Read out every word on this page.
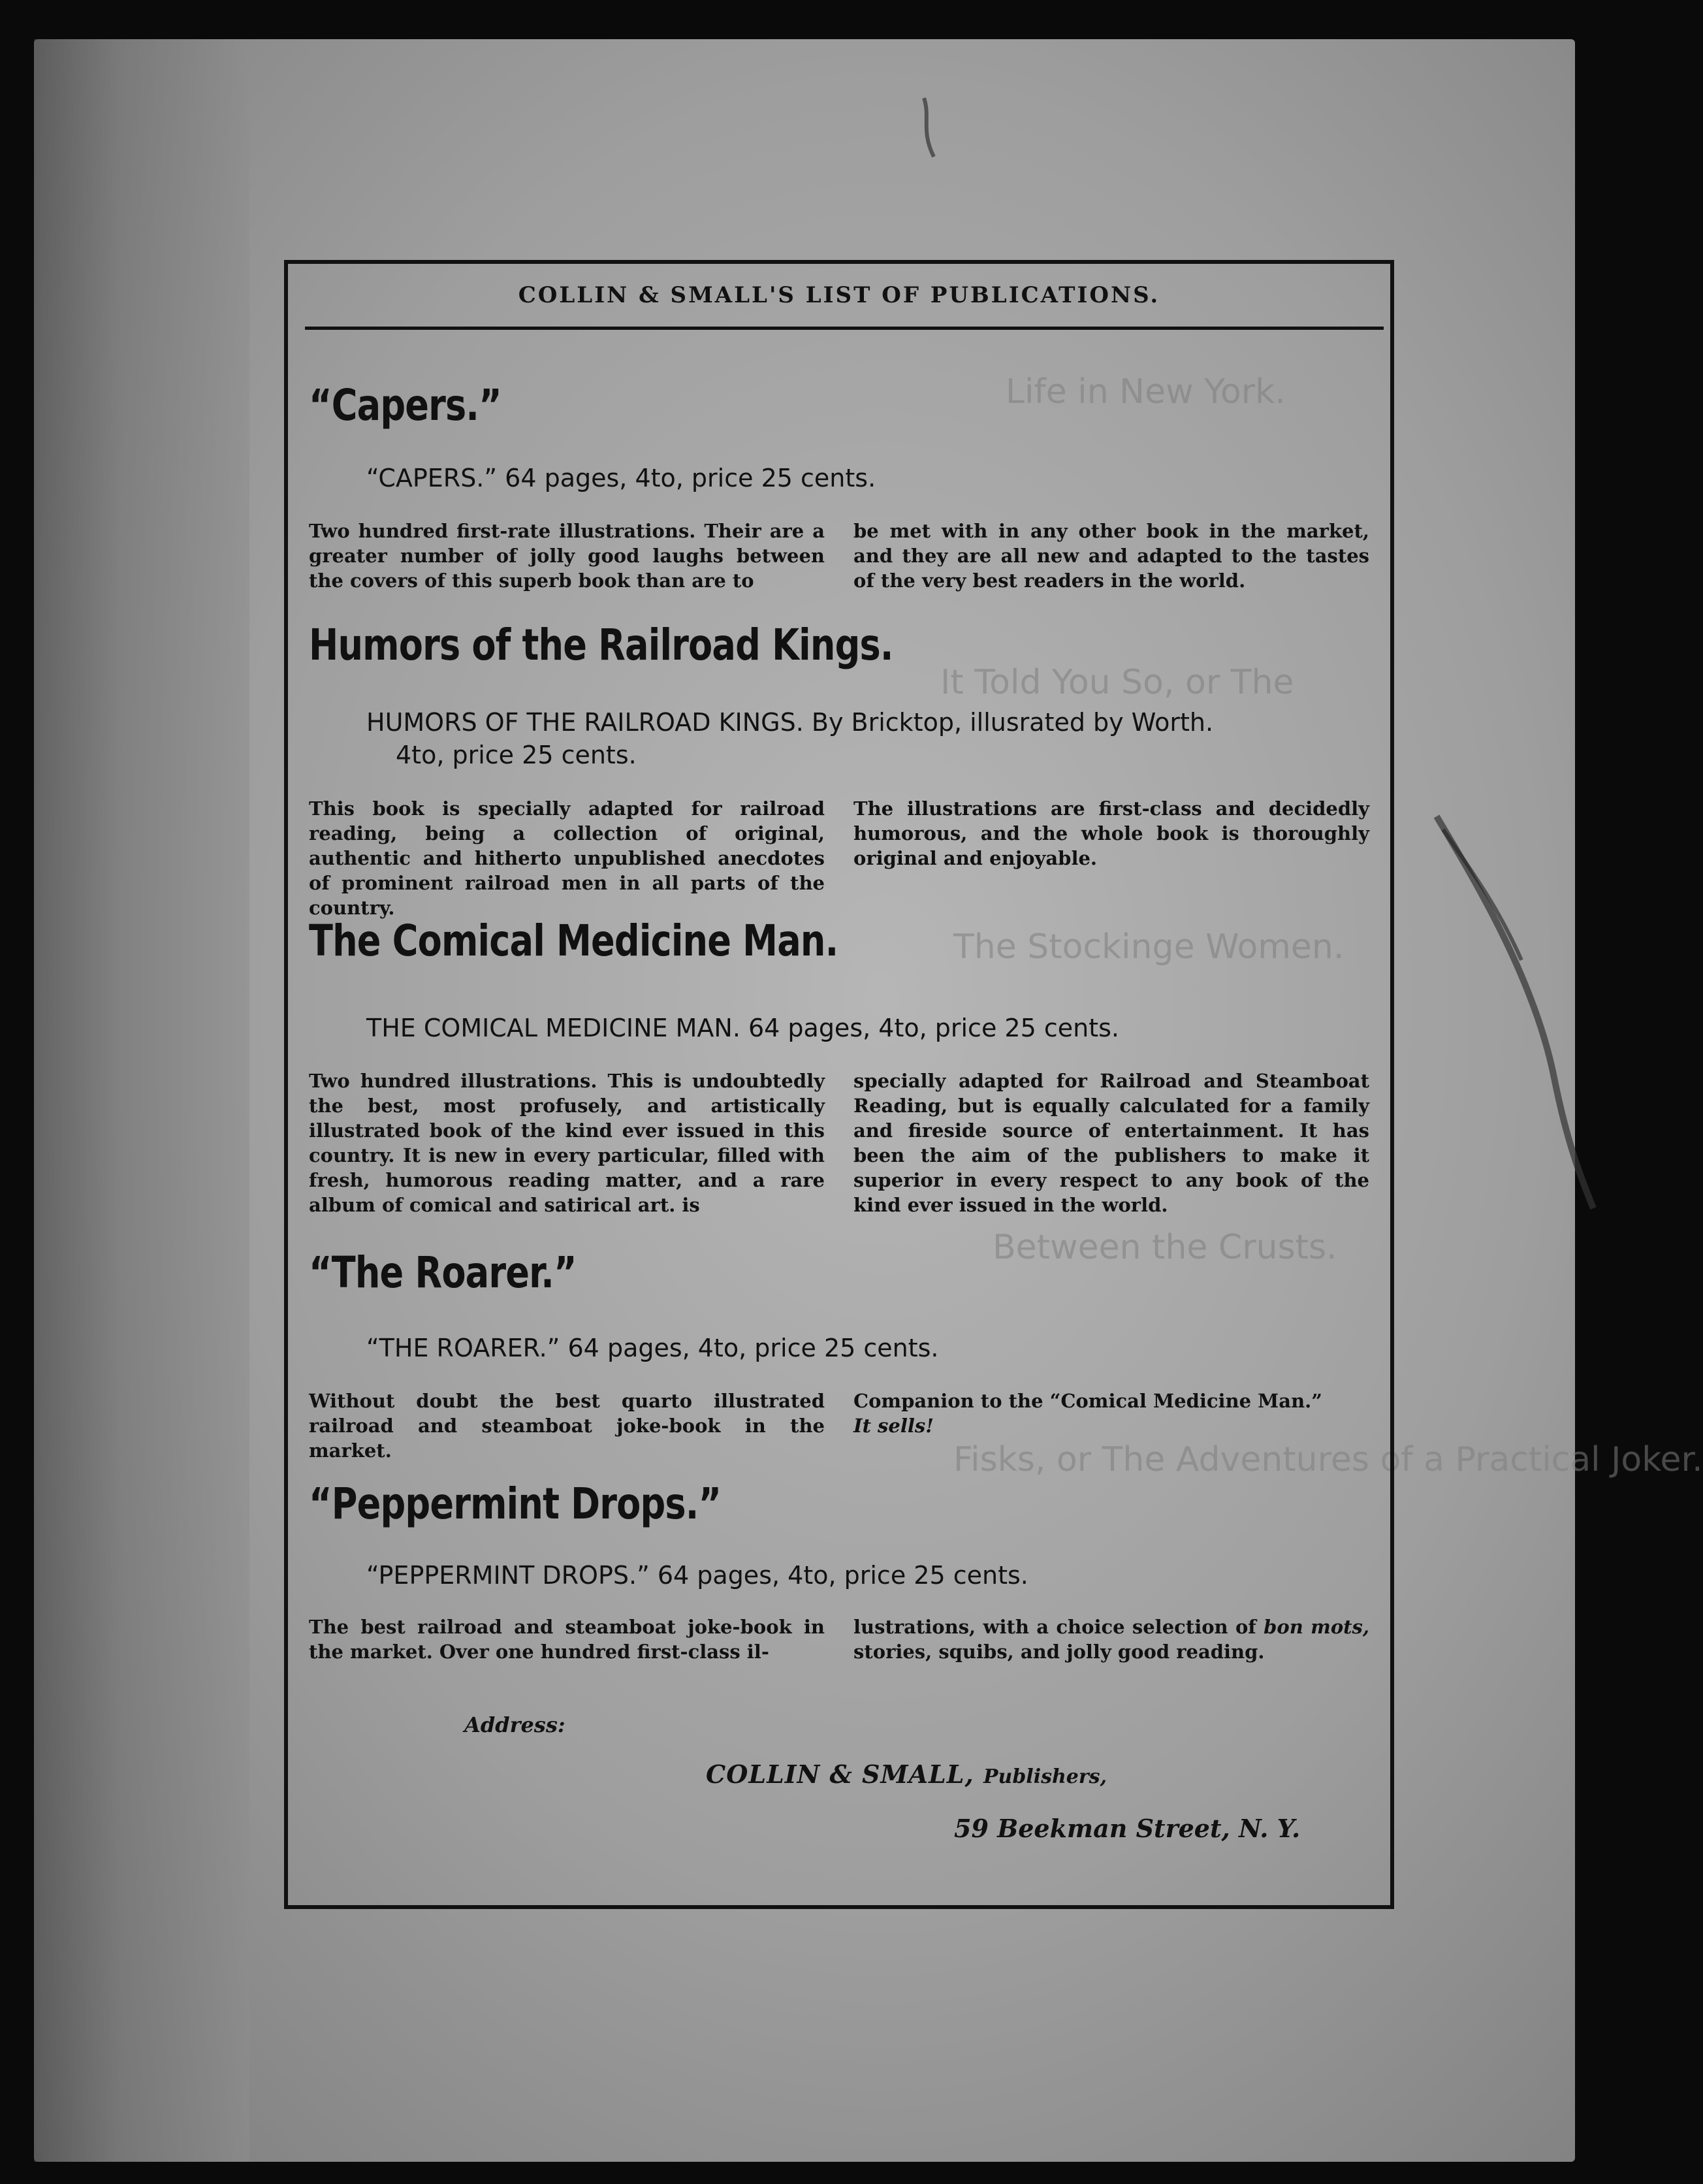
Life in New York.
It Told You So, or The
The Stockinge Women.
Between the Crusts.
Fisks, or The Adventures of a Practical Joker.
COLLIN & SMALL'S LIST OF PUBLICATIONS.
“Capers.”
“CAPERS.” 64 pages, 4to, price 25 cents.
Two hundred first-rate illustrations. Their are a greater number of jolly good laughs between the covers of this superb book than are to
be met with in any other book in the market, and they are all new and adapted to the tastes of the very best readers in the world.
Humors of the Railroad Kings.
HUMORS OF THE RAILROAD KINGS. By Bricktop, illusrated by Worth.
4to, price 25 cents.
This book is specially adapted for railroad reading, being a collection of original, authentic and hitherto unpublished anecdotes of prominent railroad men in all parts of the country.
The illustrations are first-class and decidedly humorous, and the whole book is thoroughly original and enjoyable.
The Comical Medicine Man.
THE COMICAL MEDICINE MAN. 64 pages, 4to, price 25 cents.
Two hundred illustrations. This is undoubtedly the best, most profusely, and artistically illustrated book of the kind ever issued in this country. It is new in every particular, filled with fresh, humorous reading matter, and a rare album of comical and satirical art. is
specially adapted for Railroad and Steamboat Reading, but is equally calculated for a family and fireside source of entertainment. It has been the aim of the publishers to make it superior in every respect to any book of the kind ever issued in the world.
“The Roarer.”
“THE ROARER.” 64 pages, 4to, price 25 cents.
Without doubt the best quarto illustrated railroad and steamboat joke-book in the market.
Companion to the “Comical Medicine Man.”
It sells!
“Peppermint Drops.”
“PEPPERMINT DROPS.” 64 pages, 4to, price 25 cents.
The best railroad and steamboat joke-book in the market. Over one hundred first-class il-
lustrations, with a choice selection of bon mots, stories, squibs, and jolly good reading.
Address:
COLLIN & SMALL, Publishers,
59 Beekman Street, N. Y.
